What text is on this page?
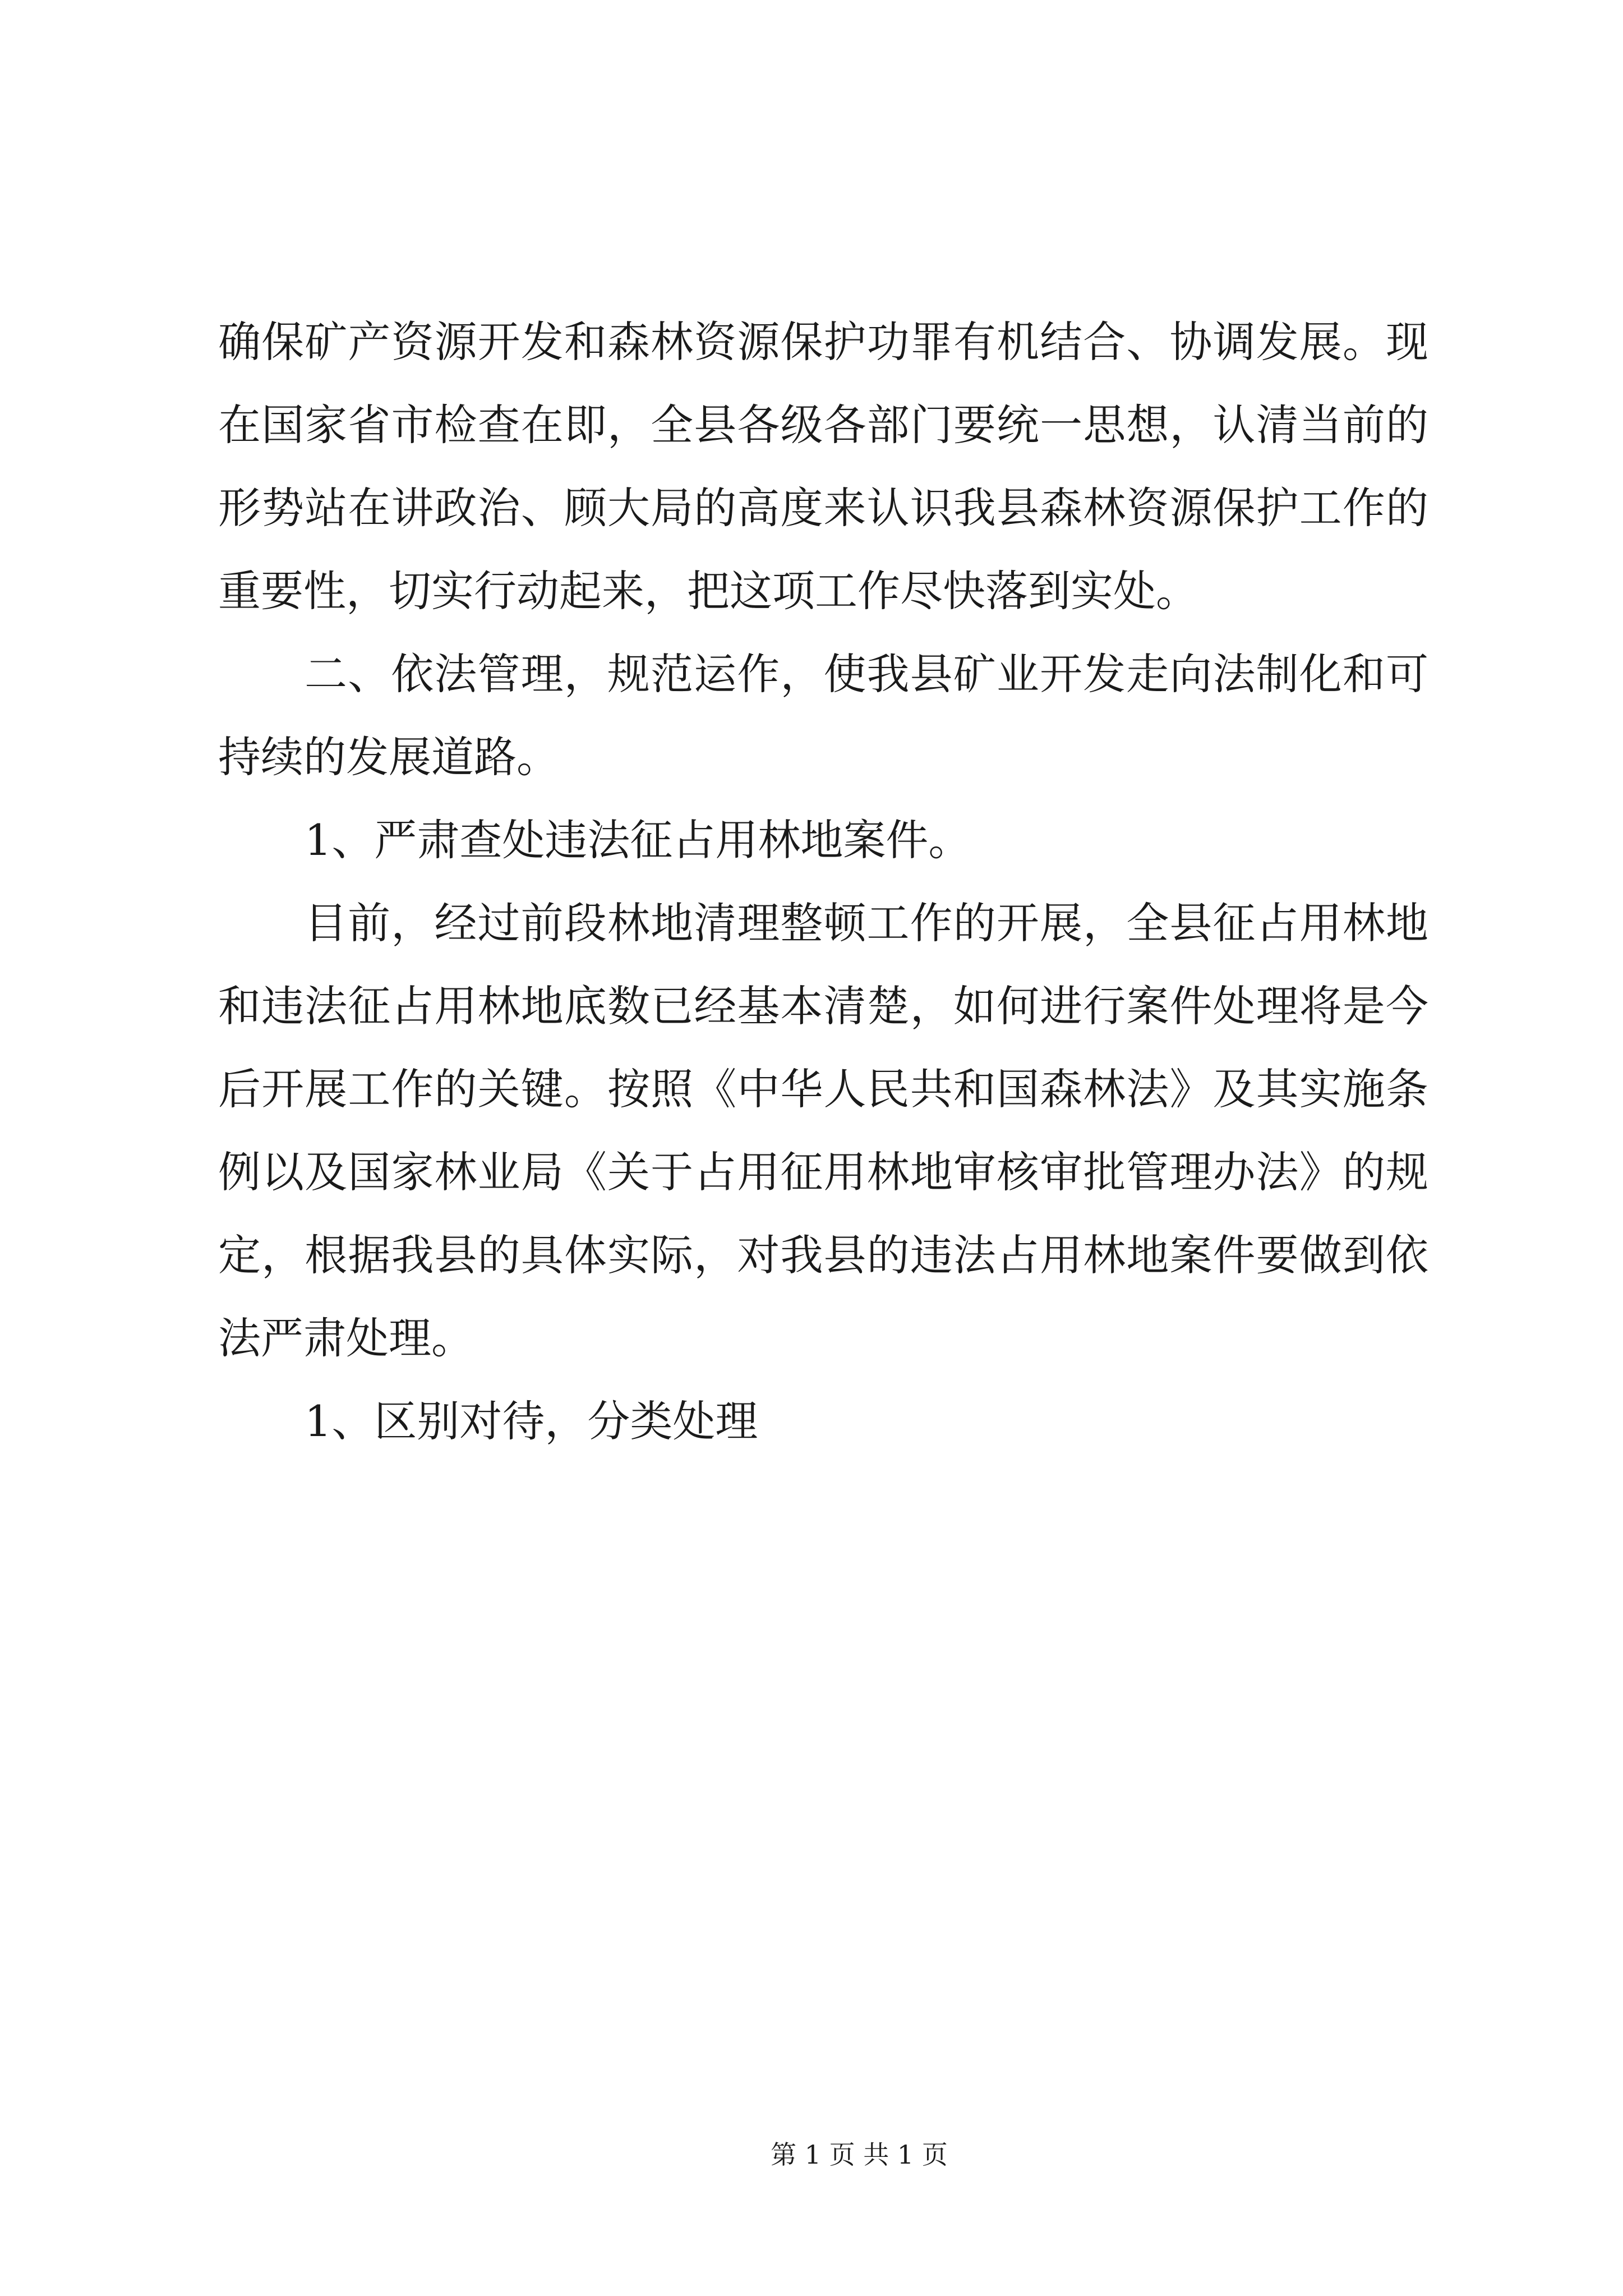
确保矿产资源开发和森林资源保护功罪有机结合、协调发展。现
在国家省市检查在即，全县各级各部门要统一思想，认清当前的
形势站在讲政治、顾大局的高度来认识我县森林资源保护工作的
重要性，切实行动起来，把这项工作尽快落到实处。
二、依法管理，规范运作，使我县矿业开发走向法制化和可
持续的发展道路。
1、严肃查处违法征占用林地案件。
目前，经过前段林地清理整顿工作的开展，全县征占用林地
和违法征占用林地底数已经基本清楚，如何进行案件处理将是今
后开展工作的关键。按照《中华人民共和国森林法》及其实施条
例以及国家林业局《关于占用征用林地审核审批管理办法》的规
定，根据我县的具体实际，对我县的违法占用林地案件要做到依
法严肃处理。
1、区别对待，分类处理
第 1 页 共 1 页
